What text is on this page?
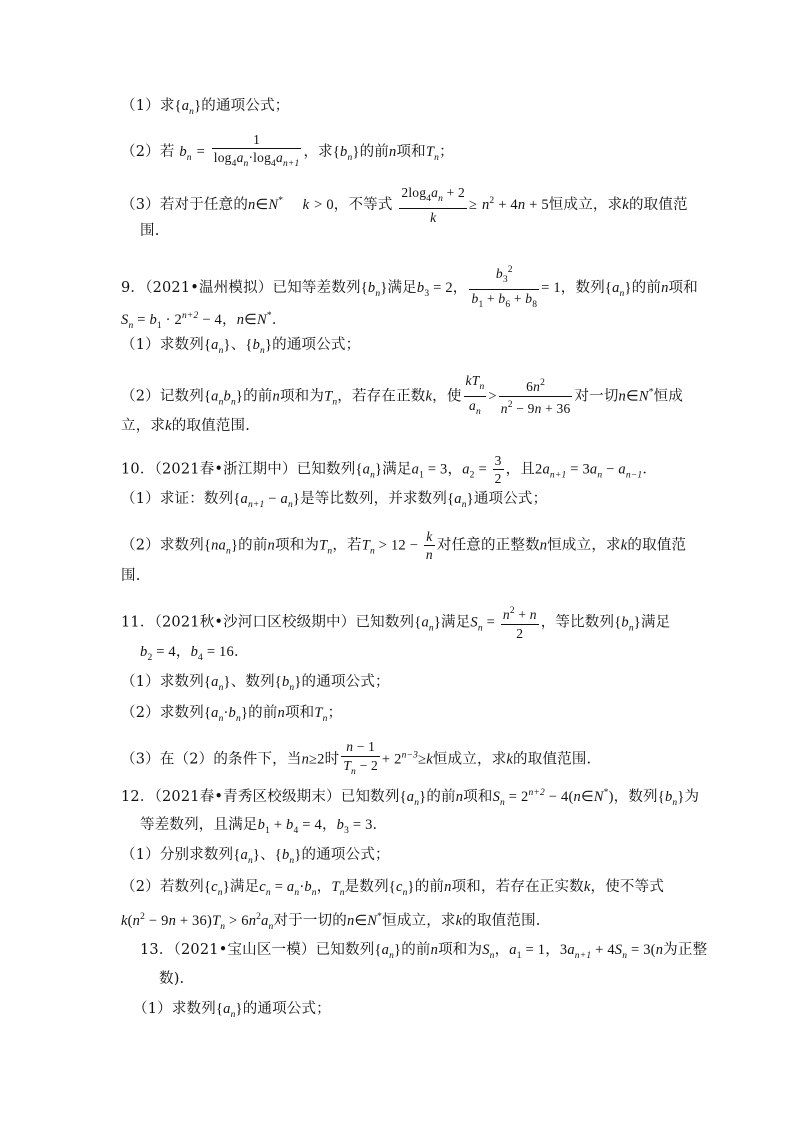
（1）求$\{a_n\}$的通项公式；
（2）若 $b_n = \frac{1}{\log_4a_n\cdot\log_4a_{n+1}}$ ，求$\{b_n\}$的前n项和$T_n$；
（3）若对于任意的n∈N*　 k > 0，不等式 $\frac{2\log_4a_n + 2}{k} \ge n^2 + 4n + 5$恒成立，求k的取值范
围.
9．（2021•温州模拟）已知等差数列$\{b_n\}$满足$b_3 = 2$， $\frac{b_3^2}{b_1 + b_6 + b_8} = 1$，数列$\{a_n\}$的前n项和
$S_n = b_1 \cdot 2^{n+2} - 4$，n∈N*．
（1）求数列$\{a_n\}$、$\{b_n\}$的通项公式；
（2）记数列$\{a_nb_n\}$的前n项和为$T_n$，若存在正数k，使 $\frac{kT_n}{a_n} > \frac{6n^2}{n^2 - 9n + 36}$ 对一切n∈N*恒成
立，求k的取值范围.
10．（2021春•浙江期中）已知数列$\{a_n\}$满足$a_1 = 3$，$a_2 = \frac{3}{2}$ ，且$2a_{n+1} = 3a_n - a_{n-1}$．
（1）求证：数列$\{a_{n+1} - a_n\}$是等比数列，并求数列$\{a_n\}$通项公式；
（2）求数列$\{na_n\}$的前n项和为$T_n$，若$T_n > 12 - \frac{k}{n}$ 对任意的正整数n恒成立，求k的取值范
围.
11．（2021秋•沙河口区校级期中）已知数列$\{a_n\}$满足$S_n = \frac{n^2 + n}{2}$ ，等比数列$\{b_n\}$满足
$b_2 = 4$，$b_4 = 16$．
（1）求数列$\{a_n\}$、数列$\{b_n\}$的通项公式；
（2）求数列$\{a_n\cdot b_n\}$的前n项和$T_n$；
（3）在（2）的条件下，当n≥2时 $\frac{n - 1}{T_n - 2} + 2^{n-3}\ge k$恒成立，求k的取值范围.
12．（2021春•青秀区校级期末）已知数列$\{a_n\}$的前n项和$S_n = 2^{n+2}$ − 4(n∈N*)，数列$\{b_n\}$为
等差数列，且满足$b_1 + b_4 = 4$，$b_3 = 3$．
（1）分别求数列$\{a_n\}$、$\{b_n\}$的通项公式；
（2）若数列$\{c_n\}$满足$c_n = a_n\cdot b_n$，$T_n$是数列$\{c_n\}$的前n项和，若存在正实数k，使不等式
$k(n^2 - 9n + 36)T_n > 6n^2a_n$对于一切的n∈N*恒成立，求k的取值范围.
13．（2021•宝山区一模）已知数列$\{a_n\}$的前n项和为$S_n$，$a_1 = 1$，$3a_{n+1} + 4S_n = 3(n$为正整
数).
（1）求数列$\{a_n\}$的通项公式；
